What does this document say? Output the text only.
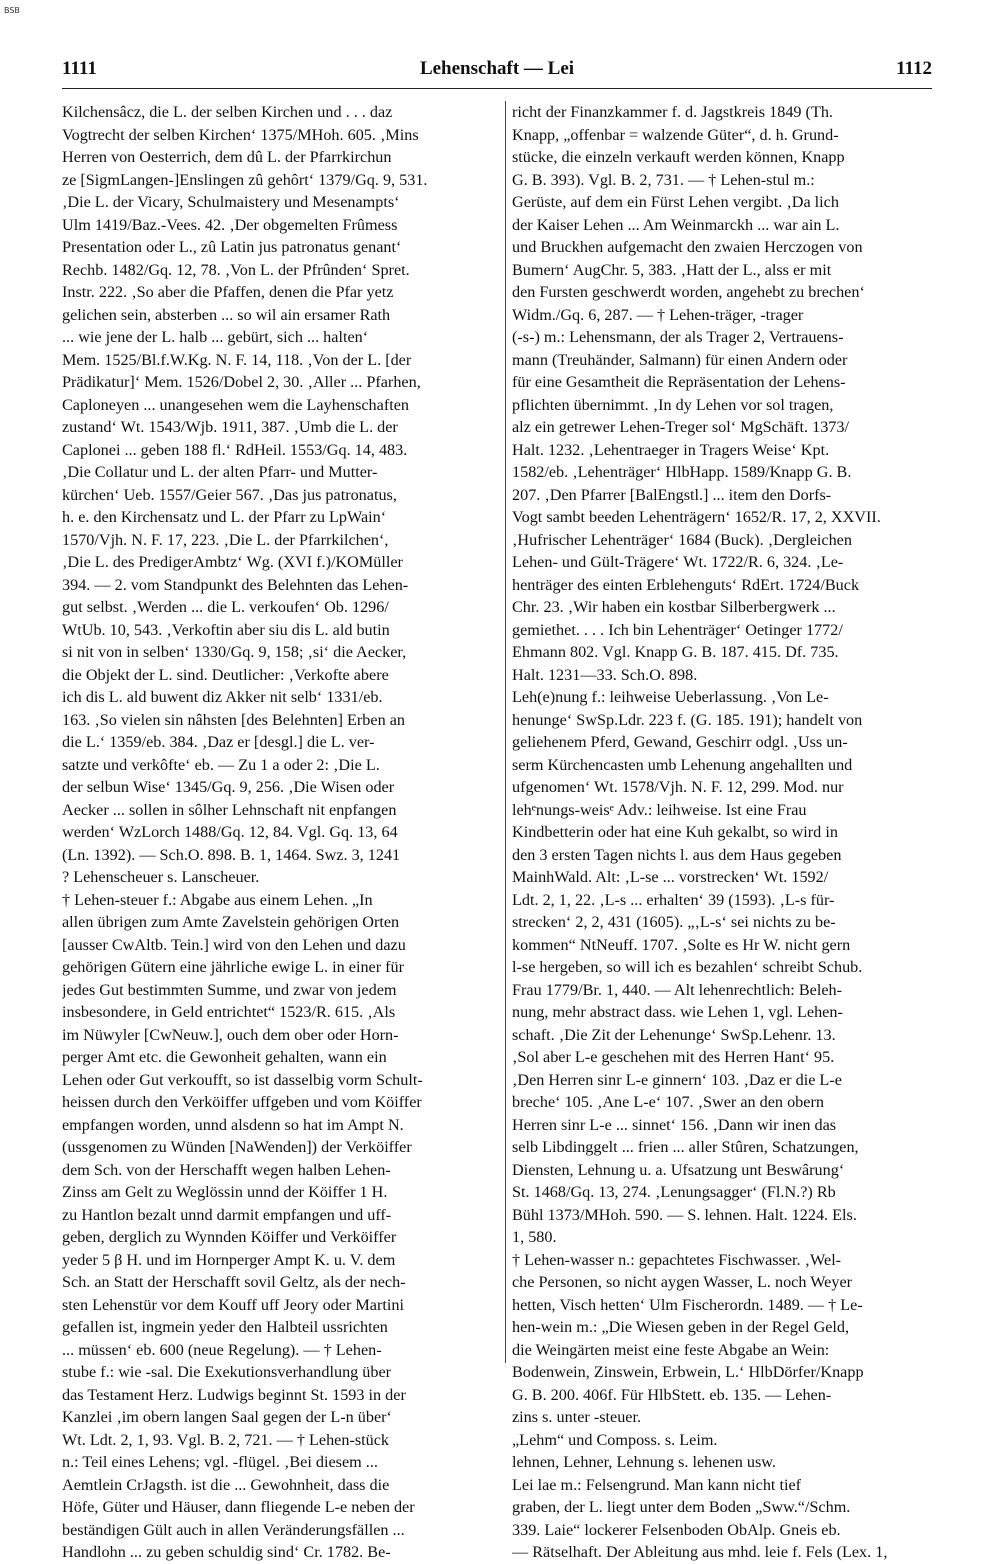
BSB
1111	Lehenschaft — Lei	1112
Kilchensâcz, die L. der selben Kirchen und . . . daz
Vogtrecht der selben Kirchen‘ 1375/MHoh. 605. ‚Mins
Herren von Oesterrich, dem dû L. der Pfarrkirchun
ze [SigmLangen-]Enslingen zû gehôrt‘ 1379/Gq. 9, 531.
‚Die L. der Vicary, Schulmaistery und Mesenampts‘
Ulm 1419/Baz.-Vees. 42. ‚Der obgemelten Frûmess
Presentation oder L., zû Latin jus patronatus genant‘
Rechb. 1482/Gq. 12, 78. ‚Von L. der Pfrûnden‘ Spret.
Instr. 222. ‚So aber die Pfaffen, denen die Pfar yetz
gelichen sein, absterben ... so wil ain ersamer Rath
... wie jene der L. halb ... gebürt, sich ... halten‘
Mem. 1525/Bl.f.W.Kg. N. F. 14, 118. ‚Von der L. [der
Prädikatur]‘ Mem. 1526/Dobel 2, 30. ‚Aller ... Pfarhen,
Caploneyen ... unangesehen wem die Layhenschaften
zustand‘ Wt. 1543/Wjb. 1911, 387. ‚Umb die L. der
Caplonei ... geben 188 fl.‘ RdHeil. 1553/Gq. 14, 483.
‚Die Collatur und L. der alten Pfarr- und Mutter-
kürchen‘ Ueb. 1557/Geier 567. ‚Das jus patronatus,
h. e. den Kirchensatz und L. der Pfarr zu LpWain‘
1570/Vjh. N. F. 17, 223. ‚Die L. der Pfarrkilchen‘,
‚Die L. des PredigerAmbtz‘ Wg. (XVI f.)/KOMüller
394. — 2. vom Standpunkt des Belehnten das Lehen-
gut selbst. ‚Werden ... die L. verkoufen‘ Ob. 1296/
WtUb. 10, 543. ‚Verkoftin aber siu dis L. ald butin
si nit von in selben‘ 1330/Gq. 9, 158; ‚si‘ die Aecker,
die Objekt der L. sind. Deutlicher: ‚Verkofte abere
ich dis L. ald buwent diz Akker nit selb‘ 1331/eb.
163. ‚So vielen sin nâhsten [des Belehnten] Erben an
die L.‘ 1359/eb. 384. ‚Daz er [desgl.] die L. ver-
satzte und verkôfte‘ eb. — Zu 1 a oder 2: ‚Die L.
der selbun Wise‘ 1345/Gq. 9, 256. ‚Die Wisen oder
Aecker ... sollen in sôlher Lehnschaft nit enpfangen
werden‘ WzLorch 1488/Gq. 12, 84. Vgl. Gq. 13, 64
(Ln. 1392). — Sch.O. 898. B. 1, 1464. Swz. 3, 1241
? Lehenscheuer s. Lanscheuer.
† Lehen-steuer f.: Abgabe aus einem Lehen. „In
allen übrigen zum Amte Zavelstein gehörigen Orten
[ausser CwAltb. Tein.] wird von den Lehen und dazu
gehörigen Gütern eine jährliche ewige L. in einer für
jedes Gut bestimmten Summe, und zwar von jedem
insbesondere, in Geld entrichtet“ 1523/R. 615. ‚Als
im Nüwyler [CwNeuw.], ouch dem ober oder Horn-
perger Amt etc. die Gewonheit gehalten, wann ein
Lehen oder Gut verkoufft, so ist dasselbig vorm Schult-
heissen durch den Verköiffer uffgeben und vom Köiffer
empfangen worden, unnd alsdenn so hat im Ampt N.
(ussgenomen zu Wünden [NaWenden]) der Verköiffer
dem Sch. von der Herschafft wegen halben Lehen-
Zinss am Gelt zu Weglössin unnd der Köiffer 1 H.
zu Hantlon bezalt unnd darmit empfangen und uff-
geben, derglich zu Wynnden Köiffer und Verköiffer
yeder 5 β H. und im Hornperger Ampt K. u. V. dem
Sch. an Statt der Herschafft sovil Geltz, als der nech-
sten Lehenstür vor dem Kouff uff Jeory oder Martini
gefallen ist, ingmein yeder den Halbteil ussrichten
... müssen‘ eb. 600 (neue Regelung). — † Lehen-
stube f.: wie -sal. Die Exekutionsverhandlung über
das Testament Herz. Ludwigs beginnt St. 1593 in der
Kanzlei ‚im obern langen Saal gegen der L-n über‘
Wt. Ldt. 2, 1, 93. Vgl. B. 2, 721. — † Lehen-stück
n.: Teil eines Lehens; vgl. -flügel. ‚Bei diesem ...
Aemtlein CrJagsth. ist die ... Gewohnheit, dass die
Höfe, Güter und Häuser, dann fliegende L-e neben der
beständigen Gült auch in allen Veränderungsfällen ...
Handlohn ... zu geben schuldig sind‘ Cr. 1782. Be-
richt der Finanzkammer f. d. Jagstkreis 1849 (Th.
Knapp, „offenbar = walzende Güter“, d. h. Grund-
stücke, die einzeln verkauft werden können, Knapp
G. B. 393). Vgl. B. 2, 731. — † Lehen-stul m.:
Gerüste, auf dem ein Fürst Lehen vergibt. ‚Da lich
der Kaiser Lehen ... Am Weinmarckh ... war ain L.
und Bruckhen aufgemacht den zwaien Herczogen von
Bumern‘ AugChr. 5, 383. ‚Hatt der L., alss er mit
den Fursten geschwerdt worden, angehebt zu brechen‘
Widm./Gq. 6, 287. — † Lehen-träger, -trager
(-s-) m.: Lehensmann, der als Trager 2, Vertrauens-
mann (Treuhänder, Salmann) für einen Andern oder
für eine Gesamtheit die Repräsentation der Lehens-
pflichten übernimmt. ‚In dy Lehen vor sol tragen,
alz ein getrewer Lehen-Treger sol‘ MgSchäft. 1373/
Halt. 1232. ‚Lehentraeger in Tragers Weise‘ Kpt.
1582/eb. ‚Lehenträger‘ HlbHapp. 1589/Knapp G. B.
207. ‚Den Pfarrer [BalEngstl.] ... item den Dorfs-
Vogt sambt beeden Lehenträgern‘ 1652/R. 17, 2, XXVII.
‚Hufrischer Lehenträger‘ 1684 (Buck). ‚Dergleichen
Lehen- und Gült-Trägere‘ Wt. 1722/R. 6, 324. ‚Le-
henträger des einten Erblehenguts‘ RdErt. 1724/Buck
Chr. 23. ‚Wir haben ein kostbar Silberbergwerk ...
gemiethet. . . . Ich bin Lehenträger‘ Oetinger 1772/
Ehmann 802. Vgl. Knapp G. B. 187. 415. Df. 735.
Halt. 1231—33. Sch.O. 898.
Leh(e)nung f.: leihweise Ueberlassung. ‚Von Le-
henunge‘ SwSp.Ldr. 223 f. (G. 185. 191); handelt von
geliehenem Pferd, Gewand, Geschirr odgl. ‚Uss un-
serm Kürchencasten umb Lehenung angehallten und
ufgenomen‘ Wt. 1578/Vjh. N. F. 12, 299. Mod. nur
lehᵉnungs-weisᵉ Adv.: leihweise. Ist eine Frau
Kindbetterin oder hat eine Kuh gekalbt, so wird in
den 3 ersten Tagen nichts l. aus dem Haus gegeben
MainhWald. Alt: ‚L-se ... vorstrecken‘ Wt. 1592/
Ldt. 2, 1, 22. ‚L-s ... erhalten‘ 39 (1593). ‚L-s für-
strecken‘ 2, 2, 431 (1605). „‚L-s‘ sei nichts zu be-
kommen“ NtNeuff. 1707. ‚Solte es Hr W. nicht gern
l-se hergeben, so will ich es bezahlen‘ schreibt Schub.
Frau 1779/Br. 1, 440. — Alt lehenrechtlich: Beleh-
nung, mehr abstract dass. wie Lehen 1, vgl. Lehen-
schaft. ‚Die Zit der Lehenunge‘ SwSp.Lehenr. 13.
‚Sol aber L-e geschehen mit des Herren Hant‘ 95.
‚Den Herren sinr L-e ginnern‘ 103. ‚Daz er die L-e
breche‘ 105. ‚Ane L-e‘ 107. ‚Swer an den obern
Herren sinr L-e ... sinnet‘ 156. ‚Dann wir inen das
selb Libdinggelt ... frien ... aller Stûren, Schatzungen,
Diensten, Lehnung u. a. Ufsatzung unt Beswârung‘
St. 1468/Gq. 13, 274. ‚Lenungsagger‘ (Fl.N.?) Rb
Bühl 1373/MHoh. 590. — S. lehnen. Halt. 1224. Els.
1, 580.
† Lehen-wasser n.: gepachtetes Fischwasser. ‚Wel-
che Personen, so nicht aygen Wasser, L. noch Weyer
hetten, Visch hetten‘ Ulm Fischerordn. 1489. — † Le-
hen-wein m.: „Die Wiesen geben in der Regel Geld,
die Weingärten meist eine feste Abgabe an Wein:
Bodenwein, Zinswein, Erbwein, L.‘ HlbDörfer/Knapp
G. B. 200. 406f. Für HlbStett. eb. 135. — Lehen-
zins s. unter -steuer.
„Lehm“ und Composs. s. Leim.
lehnen, Lehner, Lehnung s. lehenen usw.
Lei lae m.: Felsengrund. Man kann nicht tief
graben, der L. liegt unter dem Boden „Sww.“/Schm.
339. Laie“ lockerer Felsenboden ObAlp. Gneis eb.
— Rätselhaft. Der Ableitung aus mhd. leie f. Fels (Lex. 1,
